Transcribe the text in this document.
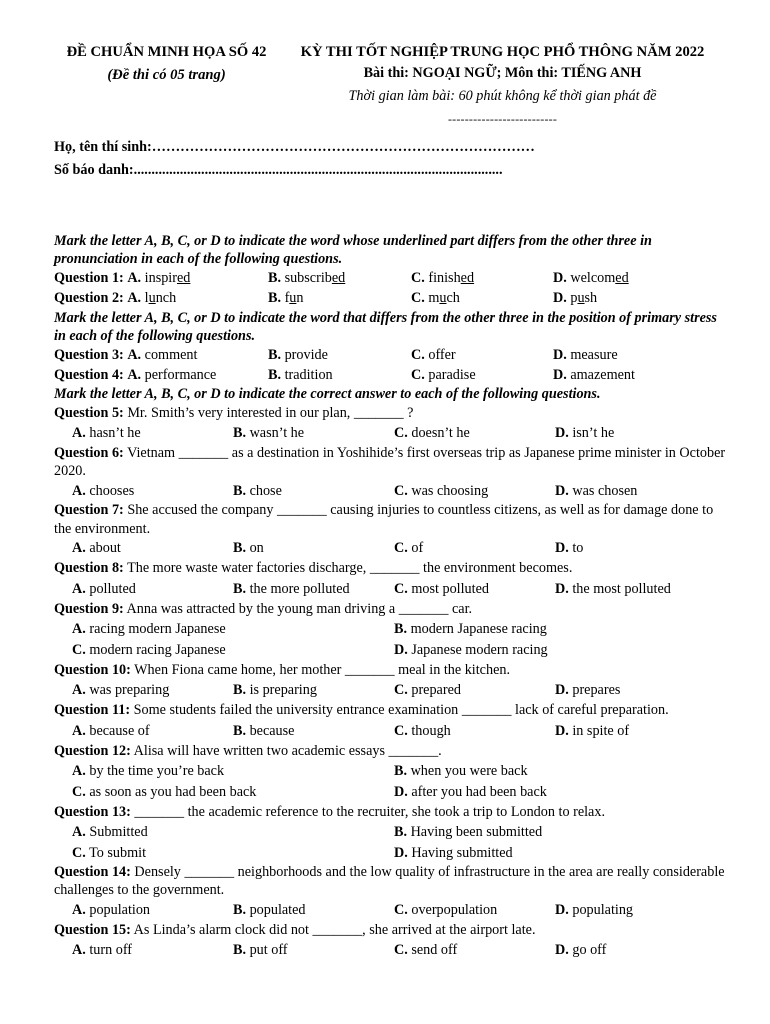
ĐỀ CHUẨN MINH HỌA SỐ 42
(Đề thi có 05 trang)
KỲ THI TỐT NGHIỆP TRUNG HỌC PHỔ THÔNG NĂM 2022
Bài thi: NGOẠI NGỮ; Môn thi: TIẾNG ANH
Thời gian làm bài: 60 phút không kể thời gian phát đề
--------------------------
Họ, tên thí sinh:………………………………………………………………………
Số báo danh:........................................................................................................
Mark the letter A, B, C, or D to indicate the word whose underlined part differs from the other three in pronunciation in each of the following questions.
Question 1: A. inspired	B. subscribed	C. finished	D. welcomed
Question 2: A. lunch	B. fun	C. much	D. push
Mark the letter A, B, C, or D to indicate the word that differs from the other three in the position of primary stress in each of the following questions.
Question 3: A. comment	B. provide	C. offer	D. measure
Question 4: A. performance	B. tradition	C. paradise	D. amazement
Mark the letter A, B, C, or D to indicate the correct answer to each of the following questions.
Question 5: Mr. Smith’s very interested in our plan, _______ ?
A. hasn’t he	B. wasn’t he	C. doesn’t he	D. isn’t he
Question 6: Vietnam _______ as a destination in Yoshihide’s first overseas trip as Japanese prime minister in October 2020.
A. chooses	B. chose	C. was choosing	D. was chosen
Question 7: She accused the company _______ causing injuries to countless citizens, as well as for damage done to the environment.
A. about	B. on	C. of	D. to
Question 8: The more waste water factories discharge, _______ the environment becomes.
A. polluted	B. the more polluted	C. most polluted	D. the most polluted
Question 9: Anna was attracted by the young man driving a _______ car.
A. racing modern Japanese	B. modern Japanese racing
C. modern racing Japanese	D. Japanese modern racing
Question 10: When Fiona came home, her mother _______ meal in the kitchen.
A. was preparing	B. is preparing	C. prepared	D. prepares
Question 11: Some students failed the university entrance examination _______ lack of careful preparation.
A. because of	B. because	C. though	D. in spite of
Question 12: Alisa will have written two academic essays _______.
A. by the time you’re back	B. when you were back
C. as soon as you had been back	D. after you had been back
Question 13: _______ the academic reference to the recruiter, she took a trip to London to relax.
A. Submitted	B. Having been submitted
C. To submit	D. Having submitted
Question 14: Densely _______ neighborhoods and the low quality of infrastructure in the area are really considerable challenges to the government.
A. population	B. populated	C. overpopulation	D. populating
Question 15: As Linda’s alarm clock did not _______, she arrived at the airport late.
A. turn off	B. put off	C. send off	D. go off
